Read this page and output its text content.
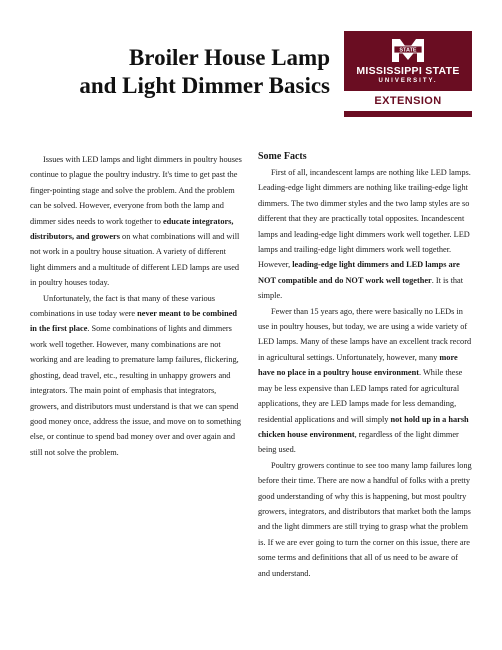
Broiler House Lamp
and Light Dimmer Basics
STATE
MISSISSIPPI STATE
UNIVERSITY.
EXTENSION

Issues with LED lamps and light dimmers in poultry houses continue to plague the poultry industry. It's time to get past the finger-pointing stage and solve the problem. And the problem can be solved. However, everyone from both the lamp and dimmer sides needs to work together to educate integrators, distributors, and growers on what combinations will and will not work in a poultry house situation. A variety of different light dimmers and a multitude of different LED lamps are used in poultry houses today.

Unfortunately, the fact is that many of these various combinations in use today were never meant to be combined in the first place. Some combinations of lights and dimmers work well together. However, many combinations are not working and are leading to premature lamp failures, flickering, ghosting, dead travel, etc., resulting in unhappy growers and integrators. The main point of emphasis that integrators, growers, and distributors must understand is that we can spend good money once, address the issue, and move on to something else, or continue to spend bad money over and over again and still not solve the problem.

Some Facts

First of all, incandescent lamps are nothing like LED lamps. Leading-edge light dimmers are nothing like trailing-edge light dimmers. The two dimmer styles and the two lamp styles are so different that they are practically total opposites. Incandescent lamps and leading-edge light dimmers work well together. LED lamps and trailing-edge light dimmers work well together. However, leading-edge light dimmers and LED lamps are NOT compatible and do NOT work well together. It is that simple.

Fewer than 15 years ago, there were basically no LEDs in use in poultry houses, but today, we are using a wide variety of LED lamps. Many of these lamps have an excellent track record in agricultural settings. Unfortunately, however, many more have no place in a poultry house environment. While these may be less expensive than LED lamps rated for agricultural applications, they are LED lamps made for less demanding, residential applications and will simply not hold up in a harsh chicken house environment, regardless of the light dimmer being used.

Poultry growers continue to see too many lamp failures long before their time. There are now a handful of folks with a pretty good understanding of why this is happening, but most poultry growers, integrators, and distributors that market both the lamps and the light dimmers are still trying to grasp what the problem is. If we are ever going to turn the corner on this issue, there are some terms and definitions that all of us need to be aware of and understand.
